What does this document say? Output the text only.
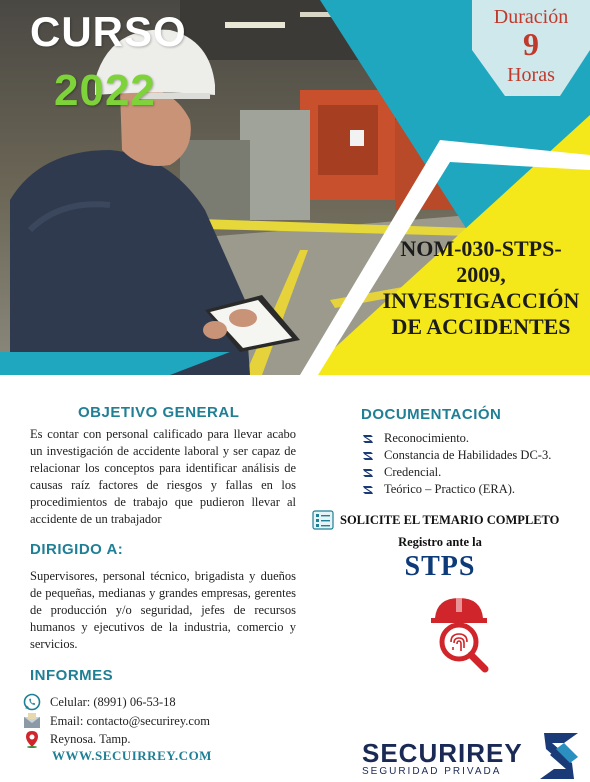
CURSO
2022
Duración
9
Horas
NOM-030-STPS-
2009,
INVESTIGACCIÓN
DE ACCIDENTES
OBJETIVO GENERAL
Es contar con personal calificado para llevar acabo un investigación de accidente laboral y ser capaz de relacionar los conceptos para identificar análisis de causas raíz factores de riesgos y fallas en los procedimientos de trabajo que pudieron llevar al accidente de un trabajador
DIRIGIDO A:
Supervisores, personal técnico, brigadista y dueños de pequeñas, medianas y grandes empresas, gerentes de producción y/o seguridad, jefes de recursos humanos y ejecutivos de la industria, comercio y servicios.
INFORMES
Celular: (8991) 06-53-18
Email: contacto@securirey.com
Reynosa. Tamp.
WWW.SECUIRREY.COM
DOCUMENTACIÓN
Reconocimiento.
Constancia de Habilidades DC-3.
Credencial.
Teórico – Practico (ERA).
SOLICITE EL TEMARIO COMPLETO
Registro ante la
STPS
SECURIREY
SEGURIDAD PRIVADA
